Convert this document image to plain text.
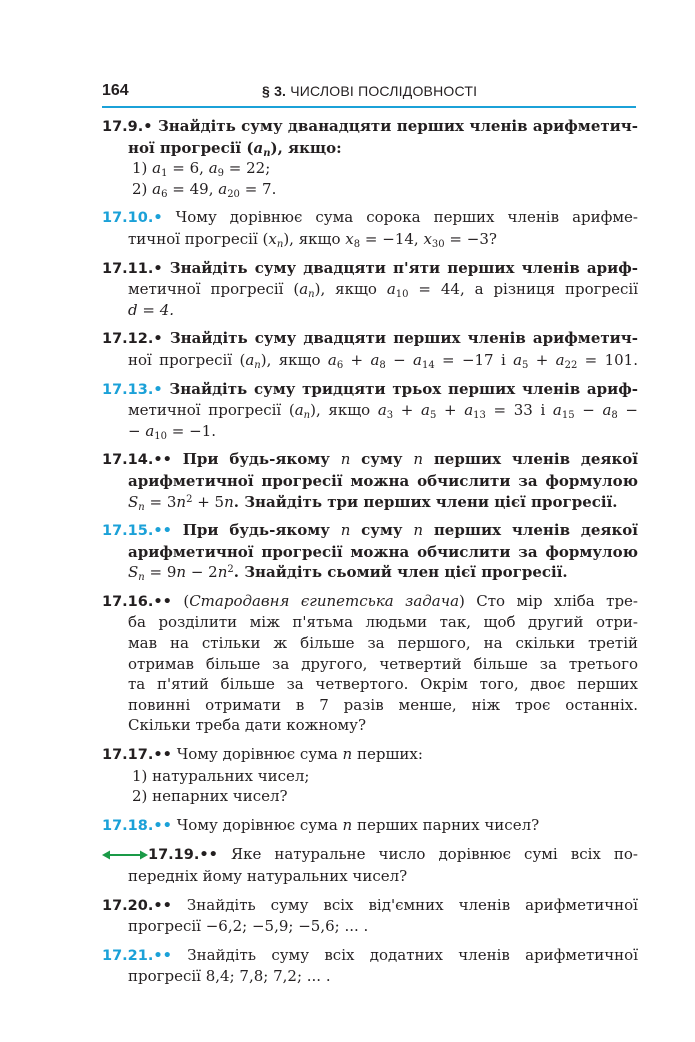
164	§ 3. ЧИСЛОВІ ПОСЛІДОВНОСТІ
17.9.• Знайдіть суму дванадцяти перших членів арифметич-
ної прогресії $(a_n)$, якщо:
1) $a_1 = 6$, $a_9 = 22$;
2) $a_6 = 49$, $a_{20} = 7$.
17.10.• Чому дорівнює сума сорока перших членів арифме-
тичної прогресії $(x_n)$, якщо $x_8 = -14$, $x_{30} = -3$?
17.11.• Знайдіть суму двадцяти п'яти перших членів ариф-
метичної прогресії $(a_n)$, якщо $a_{10} = 44$, а різниця прогресії
d = 4.
17.12.• Знайдіть суму двадцяти перших членів арифметич-
ної прогресії $(a_n)$, якщо $a_6 + a_8 - a_{14} = -17$ і $a_5 + a_{22} = 101$.
17.13.• Знайдіть суму тридцяти трьох перших членів ариф-
метичної прогресії $(a_n)$, якщо $a_3 + a_5 + a_{13} = 33$ і $a_{15} - a_8$ −
− $a_{10} = -1$.
17.14.•• При будь-якому n суму n перших членів деякої
арифметичної прогресії можна обчислити за формулою
$S_n = 3n^2 + 5n$. Знайдіть три перших члени цієї прогресії.
17.15.•• При будь-якому n суму n перших членів деякої
арифметичної прогресії можна обчислити за формулою
$S_n = 9n - 2n^2$. Знайдіть сьомий член цієї прогресії.
17.16.•• (Стародавня єгипетська задача) Сто мір хліба тре-
ба розділити між п'ятьма людьми так, щоб другий отри-
мав на стільки ж більше за першого, на скільки третій
отримав більше за другого, четвертий більше за третього
та п'ятий більше за четвертого. Окрім того, двоє перших
повинні отримати в 7 разів менше, ніж троє останніх.
Скільки треба дати кожному?
17.17.•• Чому дорівнює сума n перших:
1) натуральних чисел;
2) непарних чисел?
17.18.•• Чому дорівнює сума n перших парних чисел?
17.19.•• Яке натуральне число дорівнює сумі всіх по-
передніх йому натуральних чисел?
17.20.•• Знайдіть суму всіх від'ємних членів арифметичної
прогресії −6,2; −5,9; −5,6; ... .
17.21.•• Знайдіть суму всіх додатних членів арифметичної
прогресії 8,4; 7,8; 7,2; ... .
